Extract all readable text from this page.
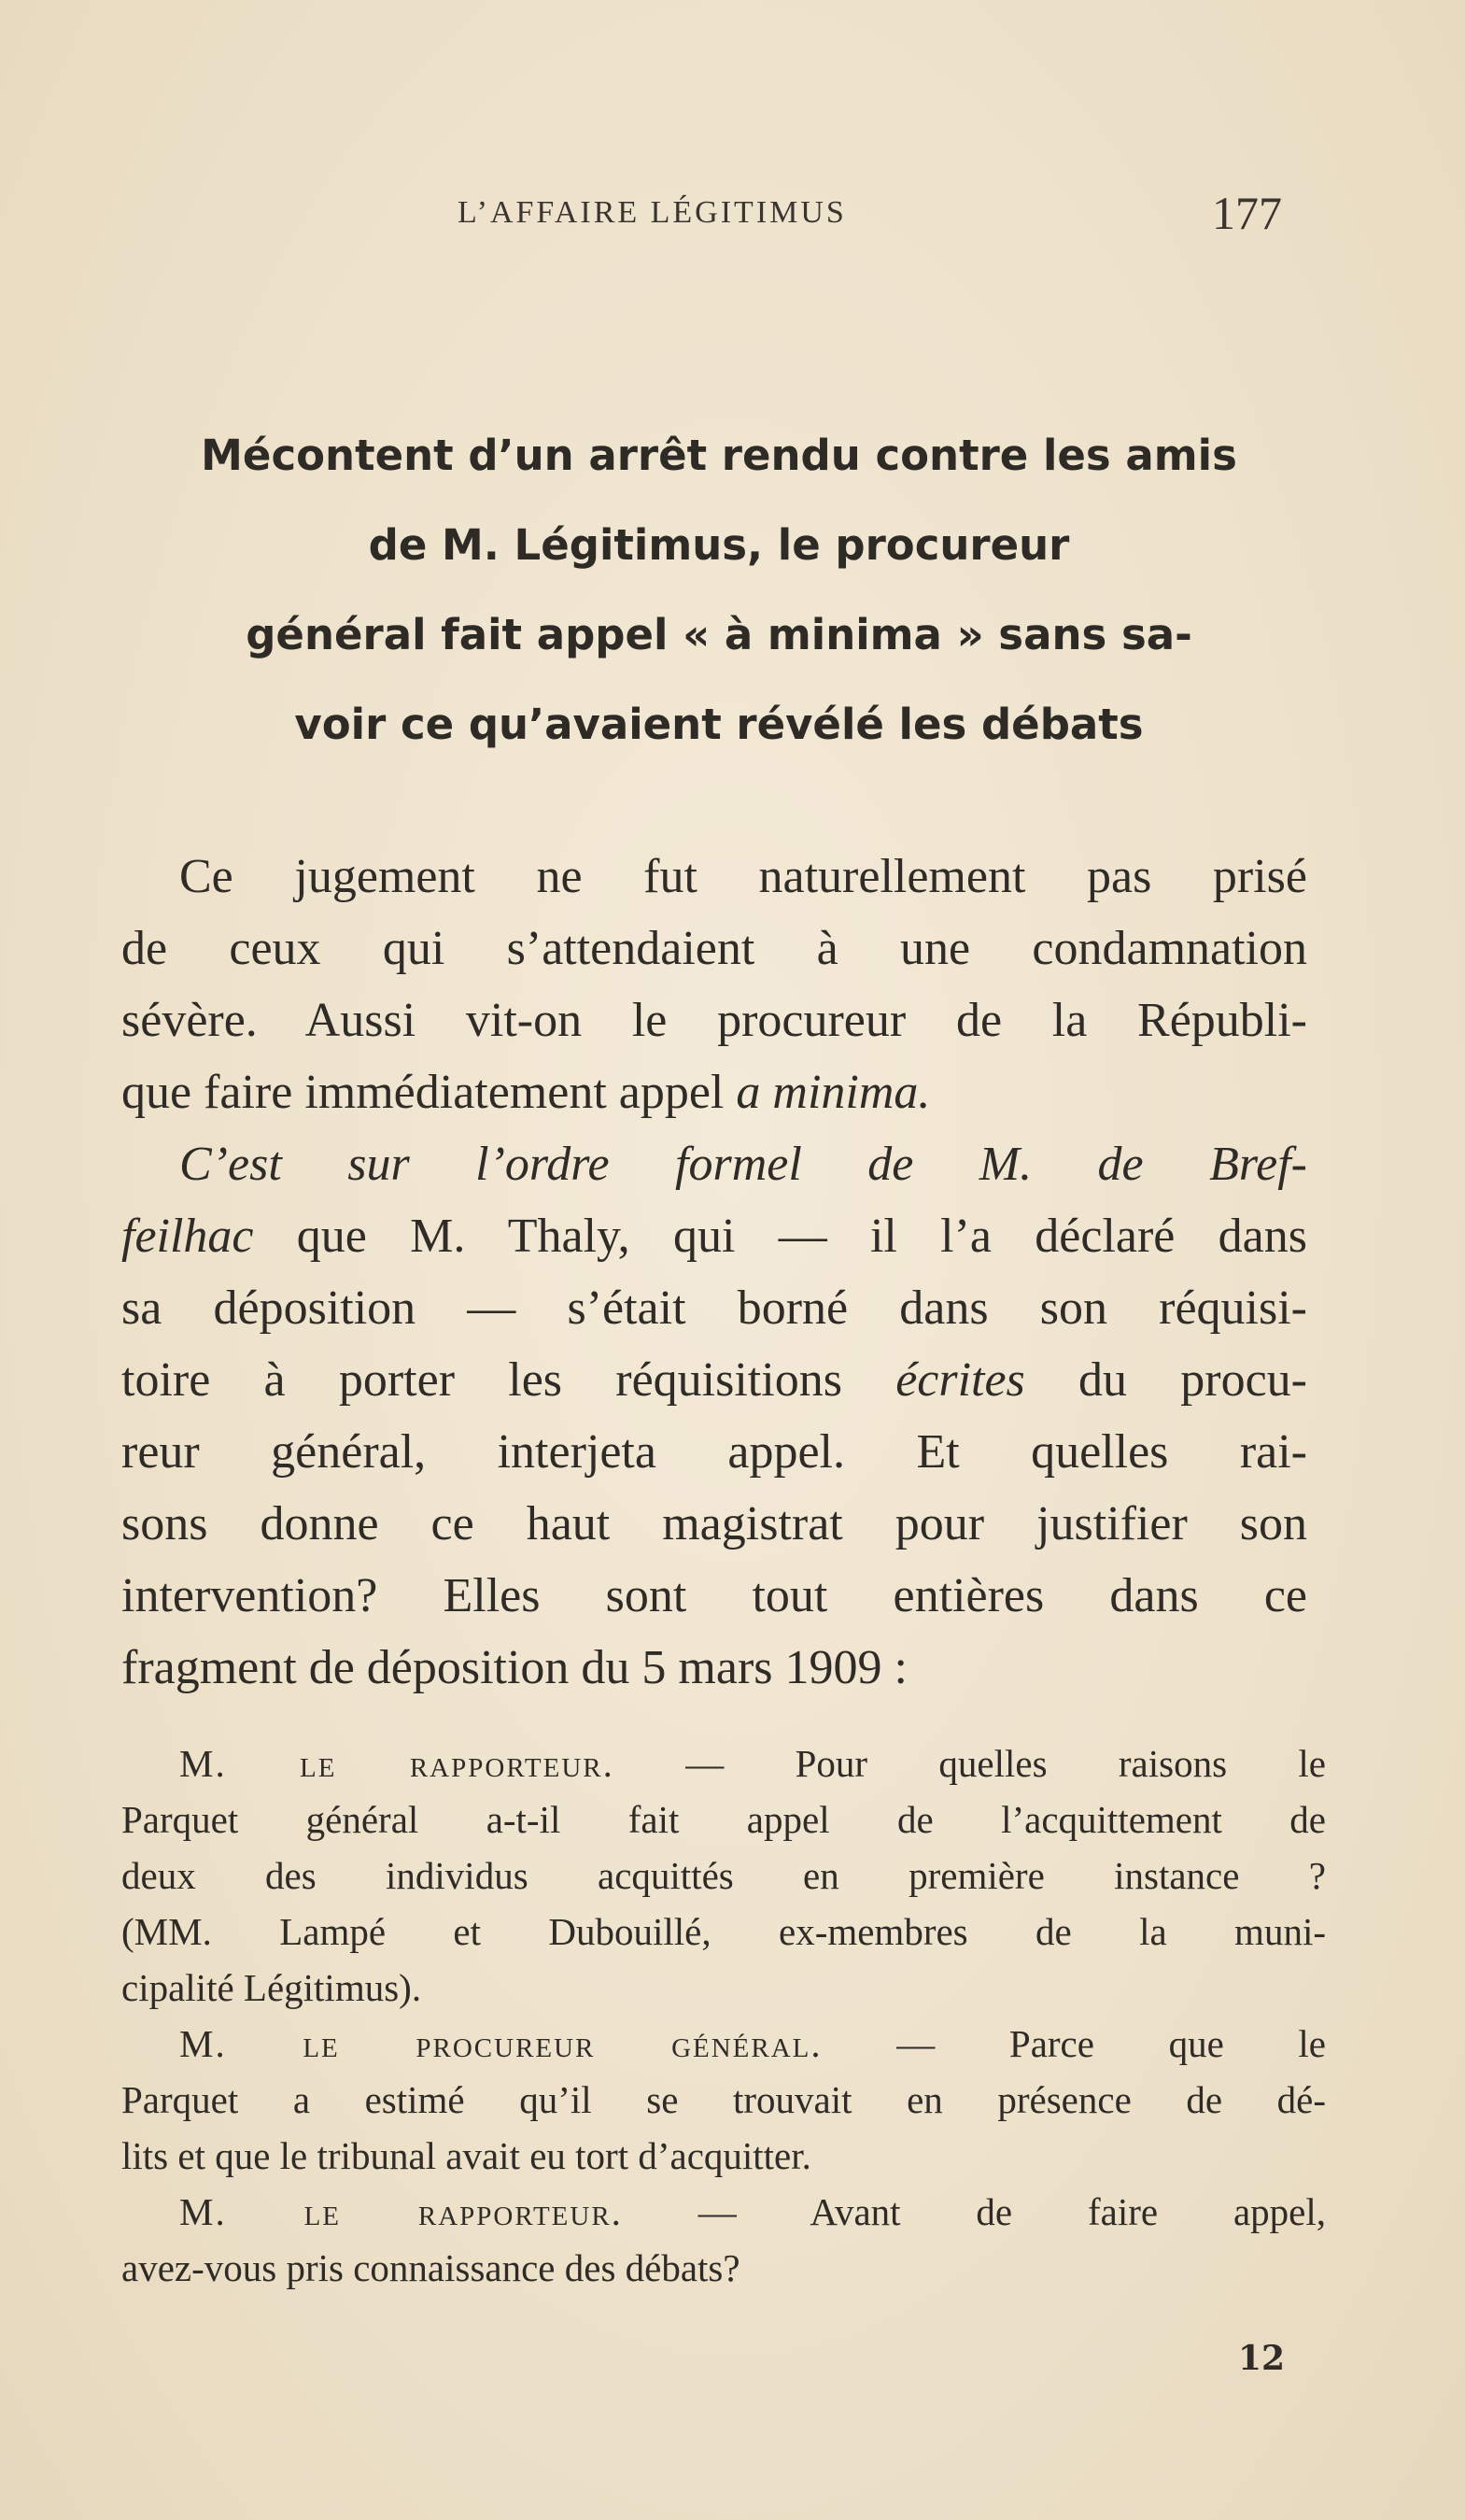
L’AFFAIRE LÉGITIMUS	177
Mécontent d’un arrêt rendu contre les amis
de M. Légitimus, le procureur
général fait appel « à minima » sans sa-
voir ce qu’avaient révélé les débats
Ce jugement ne fut naturellement pas prisé
de ceux qui s’attendaient à une condamnation
sévère. Aussi vit-on le procureur de la Républi-
que faire immédiatement appel a minima.
C’est sur l’ordre formel de M. de Bref-
feilhac que M. Thaly, qui — il l’a déclaré dans
sa déposition — s’était borné dans son réquisi-
toire à porter les réquisitions écrites du procu-
reur général, interjeta appel. Et quelles rai-
sons donne ce haut magistrat pour justifier son
intervention? Elles sont tout entières dans ce
fragment de déposition du 5 mars 1909 :
M. le rapporteur. — Pour quelles raisons le
Parquet général a-t-il fait appel de l’acquittement de
deux des individus acquittés en première instance ?
(MM. Lampé et Dubouillé, ex-membres de la muni-
cipalité Légitimus).
M. le procureur général. — Parce que le
Parquet a estimé qu’il se trouvait en présence de dé-
lits et que le tribunal avait eu tort d’acquitter.
M. le rapporteur. — Avant de faire appel,
avez-vous pris connaissance des débats?
12
